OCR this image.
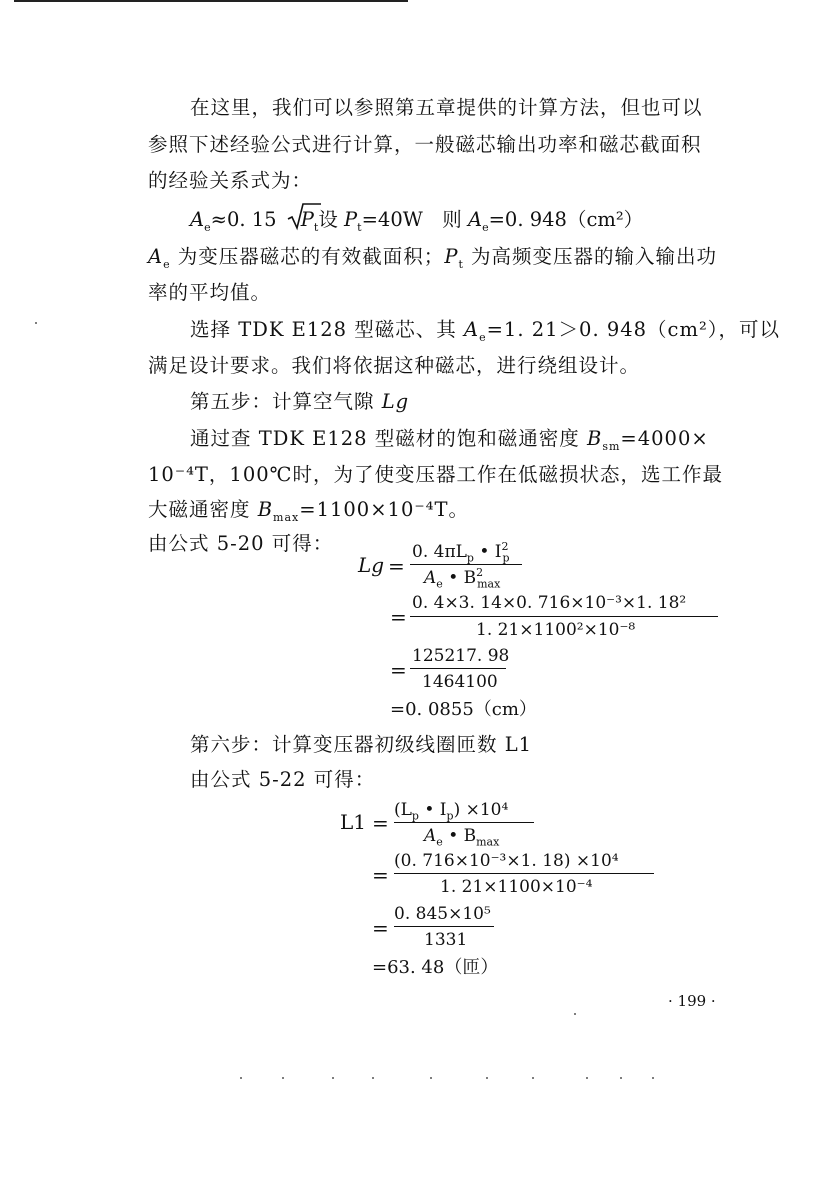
在这里，我们可以参照第五章提供的计算方法，但也可以
参照下述经验公式进行计算，一般磁芯输出功率和磁芯截面积
的经验关系式为：
$A_e\approx 0$. 15 $P_t$设 $P_t=40W$　则 $A_e=0$. 948（cm²）
$A_e$ 为变压器磁芯的有效截面积；$P_t$ 为高频变压器的输入输出功
率的平均值。
选择 TDK E128 型磁芯、其 $A_e=1$. 21＞0. 948（cm²），可以
满足设计要求。我们将依据这种磁芯，进行绕组设计。
第五步：计算空气隙 Lg
通过查 TDK E128 型磁材的饱和磁通密度 $B_{sm}=4000\times$
10⁻⁴T，100℃时，为了使变压器工作在低磁损状态，选工作最
大磁通密度 $B_{max}=1100\times 10^{-4}T$。
由公式 5-20 可得：
Lg =
0. $4\pi L_p$ • $I^2_p$
$A_e$ • $B^2_{max}$
=
0. 4×3. 14×0. 716×10⁻³×1. 18²
1. 21×1100²×10⁻⁸
=
125217. 98
1464100
=0. 0855（cm）
第六步：计算变压器初级线圈匝数 L1
由公式 5-22 可得：
L1 =
($L_p$ • $I_p) \times 10^4$
$A_e$ • $B_{max}$
=
(0. 716×10⁻³×1. 18) ×10⁴
1. 21×1100×10⁻⁴
=
0. 845×10⁵
1331
=63. 48（匝）
· 199 ·
